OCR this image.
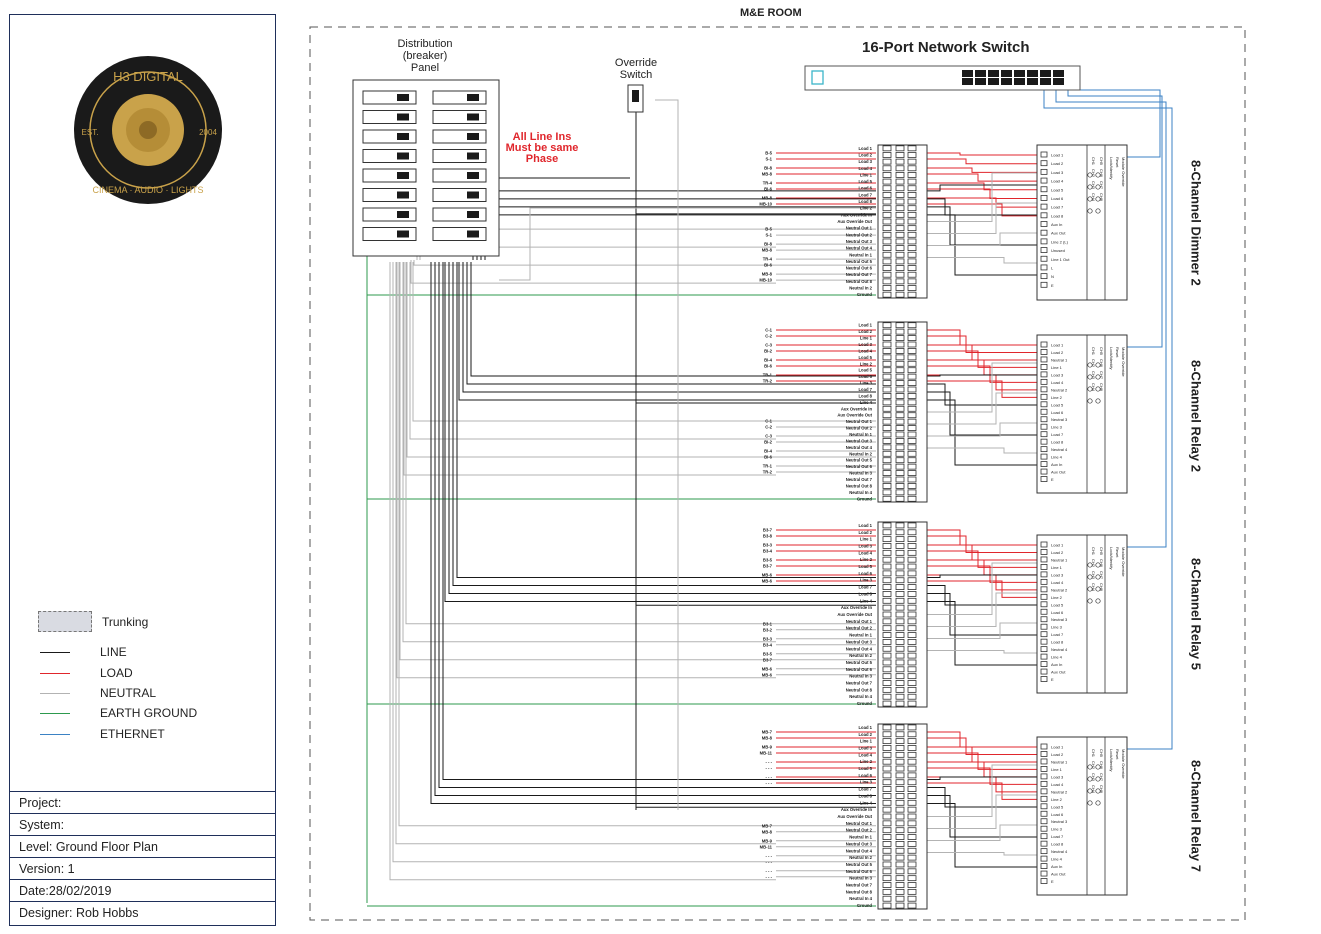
H3 DIGITAL
CINEMA · AUDIO · LIGHTS
EST.	2004
Trunking
LINE
LOAD
NEUTRAL
EARTH GROUND
ETHERNET
Project:
System:
Level: Ground Floor Plan
Version: 1
Date:28/02/2019
Designer: Rob Hobbs
Load 1
Load 2
Load 3
Load 4
Line 1
Load 5
Load 6
Load 7
Load 8
Line 2
Aux Override In
Aux Override Out
Neutral Out 1
Neutral Out 2
Neutral Out 3
Neutral Out 4
Neutral In 1
Neutral Out 5
Neutral Out 6
Neutral Out 7
Neutral Out 8
Neutral In 2
Ground
B-5
S-1
BI-8
MB-8
TR-4
BI-6
MB-8
MB-10
B-5
S-1
BI-8
MB-8
TR-4
BI-6
MB-8
MB-10
Load 1
Load 2
Load 3
Load 4
Load 5
Load 6
Load 7
Load 8
Aux In
Aux Out
Line 2 (L)
Unused
Line 1 Out
L
N
E
CH1
CH2
CH3
CH4
CH5
CH6
CH7
CH8
Lock/Identify Reset Module Override
Load 1
Load 2
Line 1
Load 3
Load 4
Load 5
Line 2
Load 5
Load 6
Line 3
Load 7
Load 8
Line 4
Aux Override In
Aux Override Out
Neutral Out 1
Neutral Out 2
Neutral In 1
Neutral Out 3
Neutral Out 4
Neutral In 2
Neutral Out 5
Neutral Out 6
Neutral In 3
Neutral Out 7
Neutral Out 8
Neutral In 4
Ground
C-1
C-2
C-3
BI-2
BI-4
BI-6
TR-1
TR-2
C-1
C-2
C-3
BI-2
BI-4
BI-6
TR-1
TR-2
Load 1
Load 2
Neutral 1
Line 1
Load 3
Load 4
Neutral 2
Line 2
Load 5
Load 6
Neutral 3
Line 3
Load 7
Load 8
Neutral 4
Line 4
Aux In
Aux Out
E
CH1
CH2
CH3
CH4
CH5
CH6
CH7
CH8
Lock/Identify Reset Module Override
Load 1
Load 2
Line 1
Load 3
Load 4
Line 2
Load 5
Load 6
Line 3
Load 7
Load 8
Line 4
Aux Override In
Aux Override Out
Neutral Out 1
Neutral Out 2
Neutral In 1
Neutral Out 3
Neutral Out 4
Neutral In 2
Neutral Out 5
Neutral Out 6
Neutral In 3
Neutral Out 7
Neutral Out 8
Neutral In 4
Ground
B3-7
B3-8
B3-3
B3-4
B3-5
B3-7
MB-6
MB-6
B3-1
B3-2
B3-3
B3-4
B3-5
B3-7
MB-6
MB-6
Load 1
Load 2
Neutral 1
Line 1
Load 3
Load 4
Neutral 2
Line 2
Load 5
Load 6
Neutral 3
Line 3
Load 7
Load 8
Neutral 4
Line 4
Aux In
Aux Out
E
CH1
CH2
CH3
CH4
CH5
CH6
CH7
CH8
Lock/Identify Reset Module Override
Load 1
Load 2
Line 1
Load 3
Load 4
Line 2
Load 5
Load 6
Line 3
Load 7
Load 8
Line 4
Aux Override In
Aux Override Out
Neutral Out 1
Neutral Out 2
Neutral In 1
Neutral Out 3
Neutral Out 4
Neutral In 2
Neutral Out 5
Neutral Out 6
Neutral In 3
Neutral Out 7
Neutral Out 8
Neutral In 4
Ground
MB-7
MB-8
MB-9
MB-11
- - -
- - -
- - -
- - -
MB-7
MB-8
MB-9
MB-11
- - -
- - -
- - -
- - -
Load 1
Load 2
Neutral 1
Line 1
Load 3
Load 4
Neutral 2
Line 2
Load 5
Load 6
Neutral 3
Line 3
Load 7
Load 8
Neutral 4
Line 4
Aux In
Aux Out
E
CH1
CH2
CH3
CH4
CH5
CH6
CH7
CH8
Lock/Identify Reset Module Override
M&E ROOM
16-Port Network Switch
Distribution (breaker) Panel	Override Switch
All Line Ins Must be same Phase
8-Channel Dimmer 2
8-Channel Relay 2
8-Channel Relay 5
8-Channel Relay 7
